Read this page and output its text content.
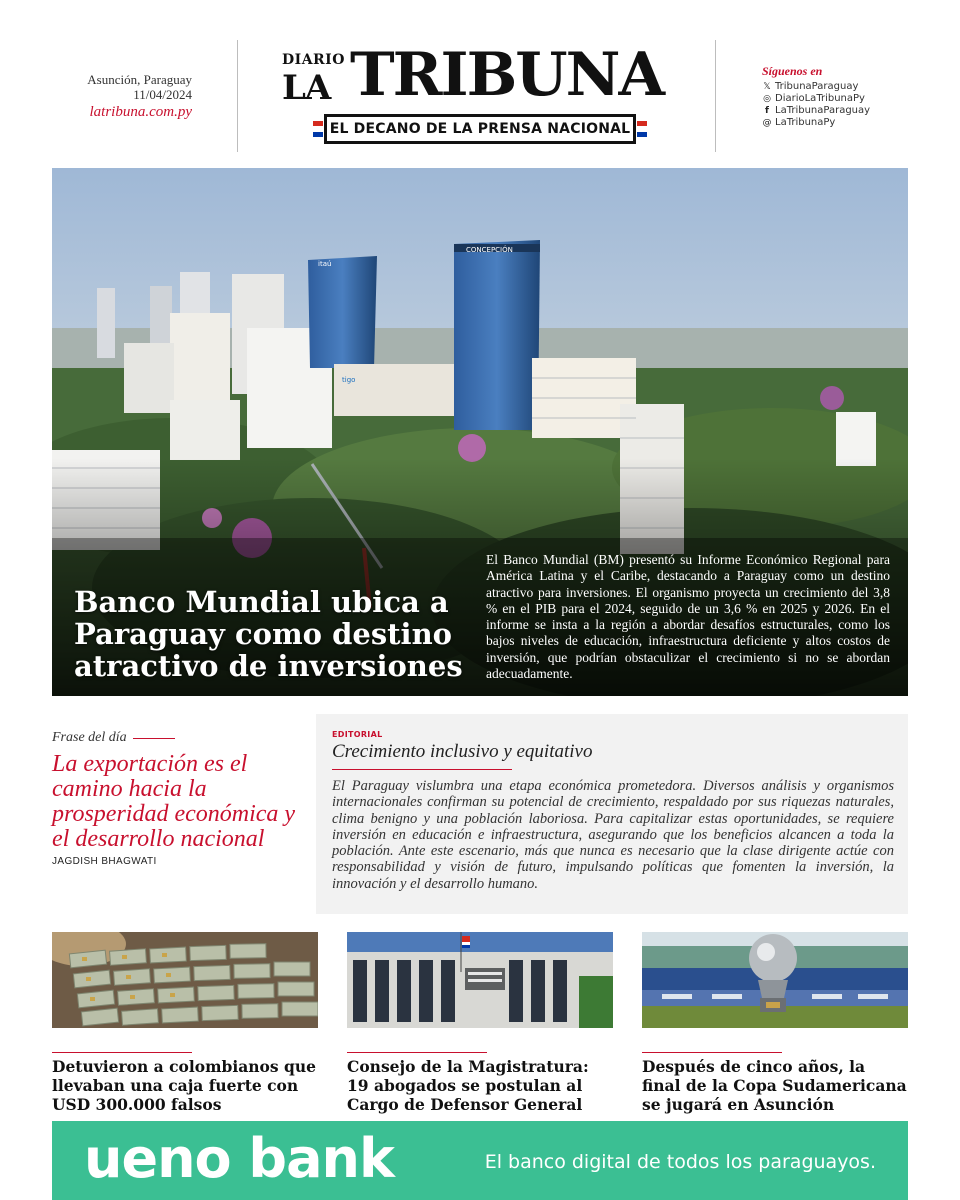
Asunción, Paraguay
11/04/2024
latribuna.com.py
DIARIO
LA TRIBUNA
EL DECANO DE LA PRENSA NACIONAL
Síguenos en
𝕏 TribunaParaguay
◎ DiarioLaTribunaPy
f LaTribunaParaguay
@ LaTribunaPy
CONCEPCIÓN
itaú
tigo
Banco Mundial ubica a Paraguay como destino atractivo de inversiones
El Banco Mundial (BM) presentó su Informe Económico Regional para América Latina y el Caribe, destacando a Paraguay como un destino atractivo para inversiones. El organismo proyecta un crecimiento del 3,8 % en el PIB para el 2024, seguido de un 3,6 % en 2025 y 2026. En el informe se insta a la región a abordar desafíos estructurales, como los bajos niveles de educación, infraestructura deficiente y altos costos de inversión, que podrían obstaculizar el crecimiento si no se abordan adecuadamente.
Frase del día
La exportación es el camino hacia la prosperidad económica y el desarrollo nacional
JAGDISH BHAGWATI
EDITORIAL
Crecimiento inclusivo y equitativo
El Paraguay vislumbra una etapa económica prometedora. Diversos análisis y organismos internacionales confirman su potencial de crecimiento, respaldado por sus riquezas naturales, clima benigno y una población laboriosa. Para capitalizar estas oportunidades, se requiere inversión en educación e infraestructura, asegurando que los beneficios alcancen a toda la población. Ante este escenario, más que nunca es necesario que la clase dirigente actúe con responsabilidad y visión de futuro, impulsando políticas que fomenten la inversión, la innovación y el desarrollo humano.
Detuvieron a colombianos que llevaban una caja fuerte con USD 300.000 falsos
Consejo de la Magistratura: 19 abogados se postulan al Cargo de Defensor General
Después de cinco años, la final de la Copa Sudamericana se jugará en Asunción
ueno bank	El banco digital de todos los paraguayos.
